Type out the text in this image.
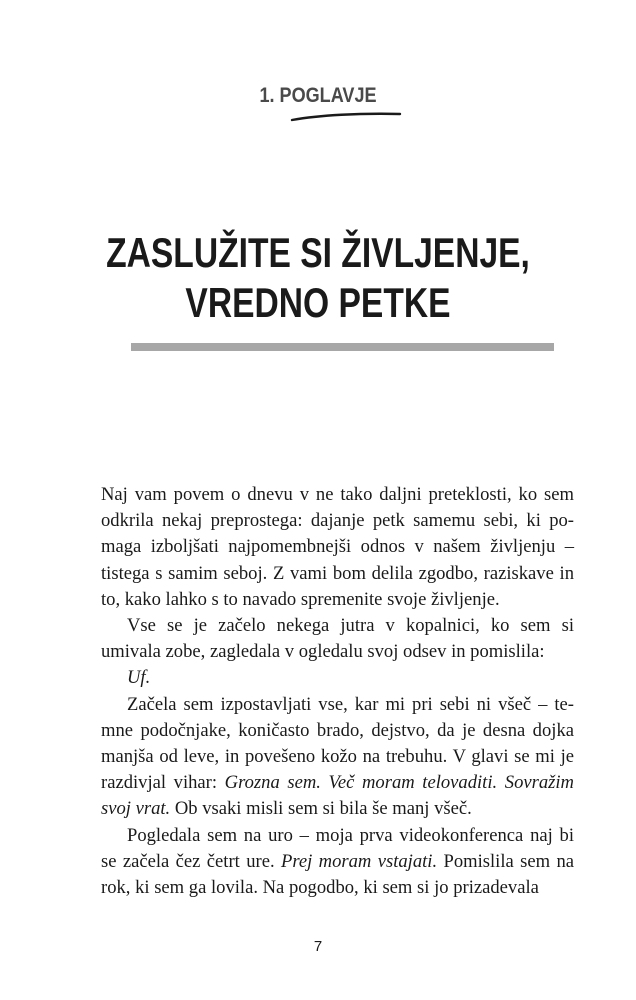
1. POGLAVJE
ZASLUŽITE SI ŽIVLJENJE,
VREDNO PETKE

Naj vam povem o dnevu v ne tako daljni preteklosti, ko sem odkrila nekaj preprostega: dajanje petk samemu sebi, ki pomaga izboljšati najpomembnejši odnos v našem življenju – tistega s samim seboj. Z vami bom delila zgodbo, raziskave in to, kako lahko s to navado spremenite svoje življenje.

Vse se je začelo nekega jutra v kopalnici, ko sem si umivala zobe, zagledala v ogledalu svoj odsev in pomislila:

Uf.

Začela sem izpostavljati vse, kar mi pri sebi ni všeč – temne podočnjake, koničasto brado, dejstvo, da je desna dojka manjša od leve, in povešeno kožo na trebuhu. V glavi se mi je razdivjal vihar: Grozna sem. Več moram telovaditi. Sovražim svoj vrat. Ob vsaki misli sem si bila še manj všeč.

Pogledala sem na uro – moja prva videokonferenca naj bi se začela čez četrt ure. Prej moram vstajati. Pomislila sem na rok, ki sem ga lovila. Na pogodbo, ki sem si jo prizadevala

7
